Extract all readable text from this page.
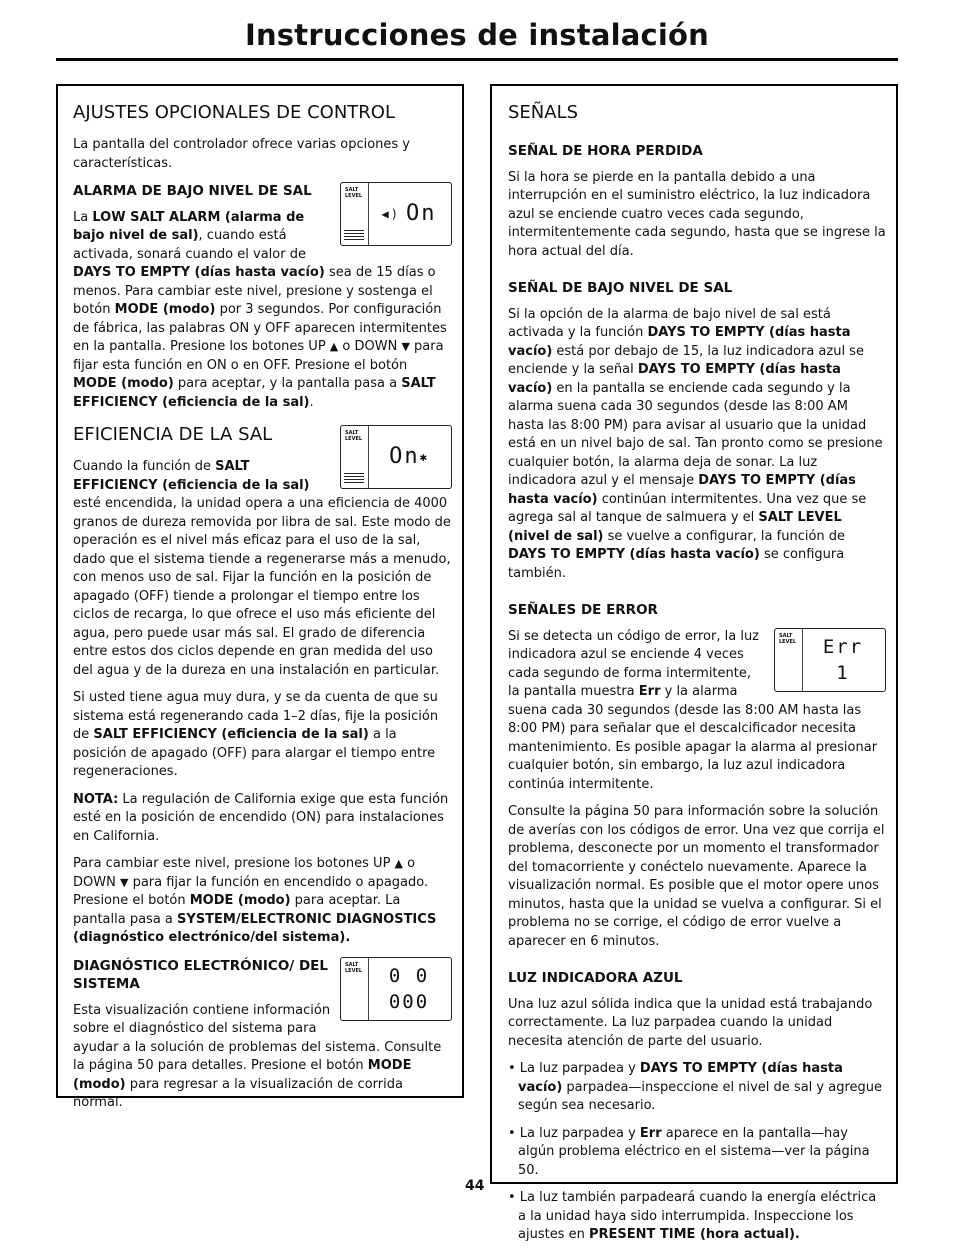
Instrucciones de instalación
AJUSTES OPCIONALES DE CONTROL

La pantalla del controlador ofrece varias opciones y características.

SALT
LEVEL
◀) On
ALARMA DE BAJO NIVEL DE SAL

La LOW SALT ALARM (alarma de bajo nivel de sal), cuando está activada, sonará cuando el valor de DAYS TO EMPTY (días hasta vacío) sea de 15 días o menos. Para cambiar este nivel, presione y sostenga el botón MODE (modo) por 3 segundos. Por configuración de fábrica, las palabras ON y OFF aparecen intermitentes en la pantalla. Presione los botones UP ▲ o DOWN ▼ para fijar esta función en ON o en OFF. Presione el botón MODE (modo) para aceptar, y la pantalla pasa a SALT EFFICIENCY (eficiencia de la sal).

SALT
LEVEL
On ✱
EFICIENCIA DE LA SAL

Cuando la función de SALT EFFICIENCY (eficiencia de la sal) esté encendida, la unidad opera a una eficiencia de 4000 granos de dureza removida por libra de sal. Este modo de operación es el nivel más eficaz para el uso de la sal, dado que el sistema tiende a regenerarse más a menudo, con menos uso de sal. Fijar la función en la posición de apagado (OFF) tiende a prolongar el tiempo entre los ciclos de recarga, lo que ofrece el uso más eficiente del agua, pero puede usar más sal. El grado de diferencia entre estos dos ciclos depende en gran medida del uso del agua y de la dureza en una instalación en particular.

Si usted tiene agua muy dura, y se da cuenta de que su sistema está regenerando cada 1–2 días, fije la posición de SALT EFFICIENCY (eficiencia de la sal) a la posición de apagado (OFF) para alargar el tiempo entre regeneraciones.

NOTA: La regulación de California exige que esta función esté en la posición de encendido (ON) para instalaciones en California.

Para cambiar este nivel, presione los botones UP ▲ o DOWN ▼ para fijar la función en encendido o apagado. Presione el botón MODE (modo) para aceptar. La pantalla pasa a SYSTEM/ELECTRONIC DIAGNOSTICS (diagnóstico electrónico/del sistema).

SALT
LEVEL 0 0
000
DIAGNÓSTICO ELECTRÓNICO/ DEL SISTEMA

Esta visualización contiene información sobre el diagnóstico del sistema para ayudar a la solución de problemas del sistema. Consulte la página 50 para detalles. Presione el botón MODE (modo) para regresar a la visualización de corrida normal.

SEÑALS
SEÑAL DE HORA PERDIDA

Si la hora se pierde en la pantalla debido a una interrupción en el suministro eléctrico, la luz indicadora azul se enciende cuatro veces cada segundo, intermitentemente cada segundo, hasta que se ingrese la hora actual del día.

SEÑAL DE BAJO NIVEL DE SAL

Si la opción de la alarma de bajo nivel de sal está activada y la función DAYS TO EMPTY (días hasta vacío) está por debajo de 15, la luz indicadora azul se enciende y la señal DAYS TO EMPTY (días hasta vacío) en la pantalla se enciende cada segundo y la alarma suena cada 30 segundos (desde las 8:00 AM hasta las 8:00 PM) para avisar al usuario que la unidad está en un nivel bajo de sal. Tan pronto como se presione cualquier botón, la alarma deja de sonar. La luz indicadora azul y el mensaje DAYS TO EMPTY (días hasta vacío) continúan intermitentes. Una vez que se agrega sal al tanque de salmuera y el SALT LEVEL (nivel de sal) se vuelve a configurar, la función de DAYS TO EMPTY (días hasta vacío) se configura también.

SEÑALES DE ERROR
SALT
LEVEL Err
1

Si se detecta un código de error, la luz indicadora azul se enciende 4 veces cada segundo de forma intermitente, la pantalla muestra Err y la alarma suena cada 30 segundos (desde las 8:00 AM hasta las 8:00 PM) para señalar que el descalcificador necesita mantenimiento. Es posible apagar la alarma al presionar cualquier botón, sin embargo, la luz azul indicadora continúa intermitente.

Consulte la página 50 para información sobre la solución de averías con los códigos de error. Una vez que corrija el problema, desconecte por un momento el transformador del tomacorriente y conéctelo nuevamente. Aparece la visualización normal. Es posible que el motor opere unos minutos, hasta que la unidad se vuelva a configurar. Si el problema no se corrige, el código de error vuelve a aparecer en 6 minutos.

LUZ INDICADORA AZUL

Una luz azul sólida indica que la unidad está trabajando correctamente. La luz parpadea cuando la unidad necesita atención de parte del usuario.

• La luz parpadea y DAYS TO EMPTY (días hasta vacío) parpadea—inspeccione el nivel de sal y agregue según sea necesario.

• La luz parpadea y Err aparece en la pantalla—hay algún problema eléctrico en el sistema—ver la página 50.

• La luz también parpadeará cuando la energía eléctrica a la unidad haya sido interrumpida. Inspeccione los ajustes en PRESENT TIME (hora actual).

44
